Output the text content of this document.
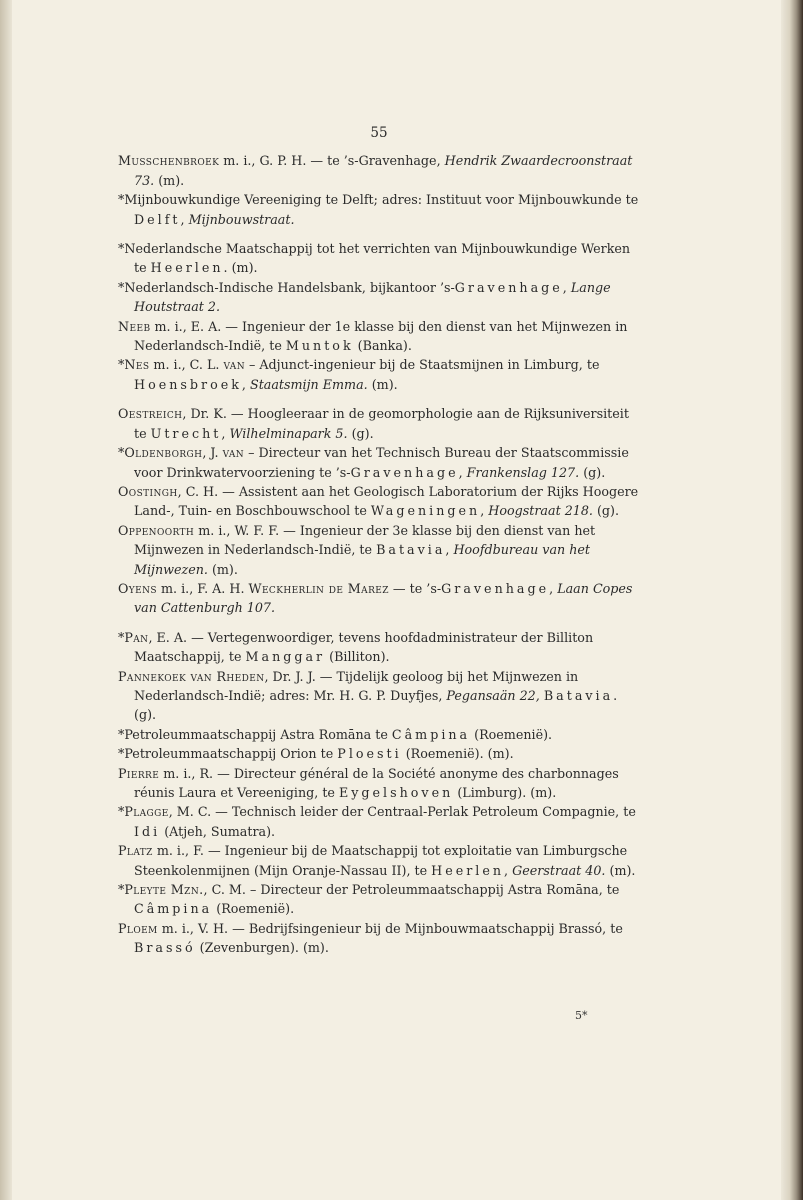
55

Musschenbroek m. i., G. P. H. — te ’s-Gravenhage, Hendrik Zwaardecroonstraat 73. (m).

*Mijnbouwkundige Vereeniging te Delft; adres: Instituut voor Mijnbouwkunde te Delft, Mijnbouwstraat.

*Nederlandsche Maatschappij tot het verrichten van Mijnbouwkundige Werken te Heerlen. (m).

*Nederlandsch-Indische Handelsbank, bijkantoor ’s-Gravenhage, Lange Houtstraat 2.

Neeb m. i., E. A. — Ingenieur der 1e klasse bij den dienst van het Mijnwezen in Nederlandsch-Indië, te Muntok (Banka).

*Nes m. i., C. L. van – Adjunct-ingenieur bij de Staatsmijnen in Limburg, te Hoensbroek, Staatsmijn Emma. (m).

Oestreich, Dr. K. — Hoogleeraar in de geomorphologie aan de Rijksuniversiteit te Utrecht, Wilhelminapark 5. (g).

*Oldenborgh, J. van – Directeur van het Technisch Bureau der Staatscommissie voor Drinkwatervoorziening te ’s-Gravenhage, Frankenslag 127. (g).

Oostingh, C. H. — Assistent aan het Geologisch Laboratorium der Rijks Hoogere Land-, Tuin- en Boschbouwschool te Wageningen, Hoogstraat 218. (g).

Oppenoorth m. i., W. F. F. — Ingenieur der 3e klasse bij den dienst van het Mijnwezen in Nederlandsch-Indië, te Batavia, Hoofdbureau van het Mijnwezen. (m).

Oyens m. i., F. A. H. Weckherlin de Marez — te ’s-Gravenhage, Laan Copes van Cattenburgh 107.

*Pan, E. A. — Vertegenwoordiger, tevens hoofdadministrateur der Billiton Maatschappij, te Manggar (Billiton).

Pannekoek van Rheden, Dr. J. J. — Tijdelijk geoloog bij het Mijnwezen in Nederlandsch-Indië; adres: Mr. H. G. P. Duyfjes, Pegansaän 22, Batavia. (g).

*Petroleummaatschappij Astra Romāna te Câmpina (Roemenië).

*Petroleummaatschappij Orion te Ploesti (Roemenië). (m).

Pierre m. i., R. — Directeur général de la Société anonyme des charbonnages réunis Laura et Vereeniging, te Eygelshoven (Limburg). (m).

*Plagge, M. C. — Technisch leider der Centraal-Perlak Petroleum Compagnie, te Idi (Atjeh, Sumatra).

Platz m. i., F. — Ingenieur bij de Maatschappij tot exploitatie van Limburgsche Steenkolenmijnen (Mijn Oranje-Nassau II), te Heerlen, Geerstraat 40. (m).

*Pleyte Mzn., C. M. – Directeur der Petroleummaatschappij Astra Romāna, te Câmpina (Roemenië).

Ploem m. i., V. H. — Bedrijfsingenieur bij de Mijnbouwmaatschappij Brassó, te Brassó (Zevenburgen). (m).

5*
